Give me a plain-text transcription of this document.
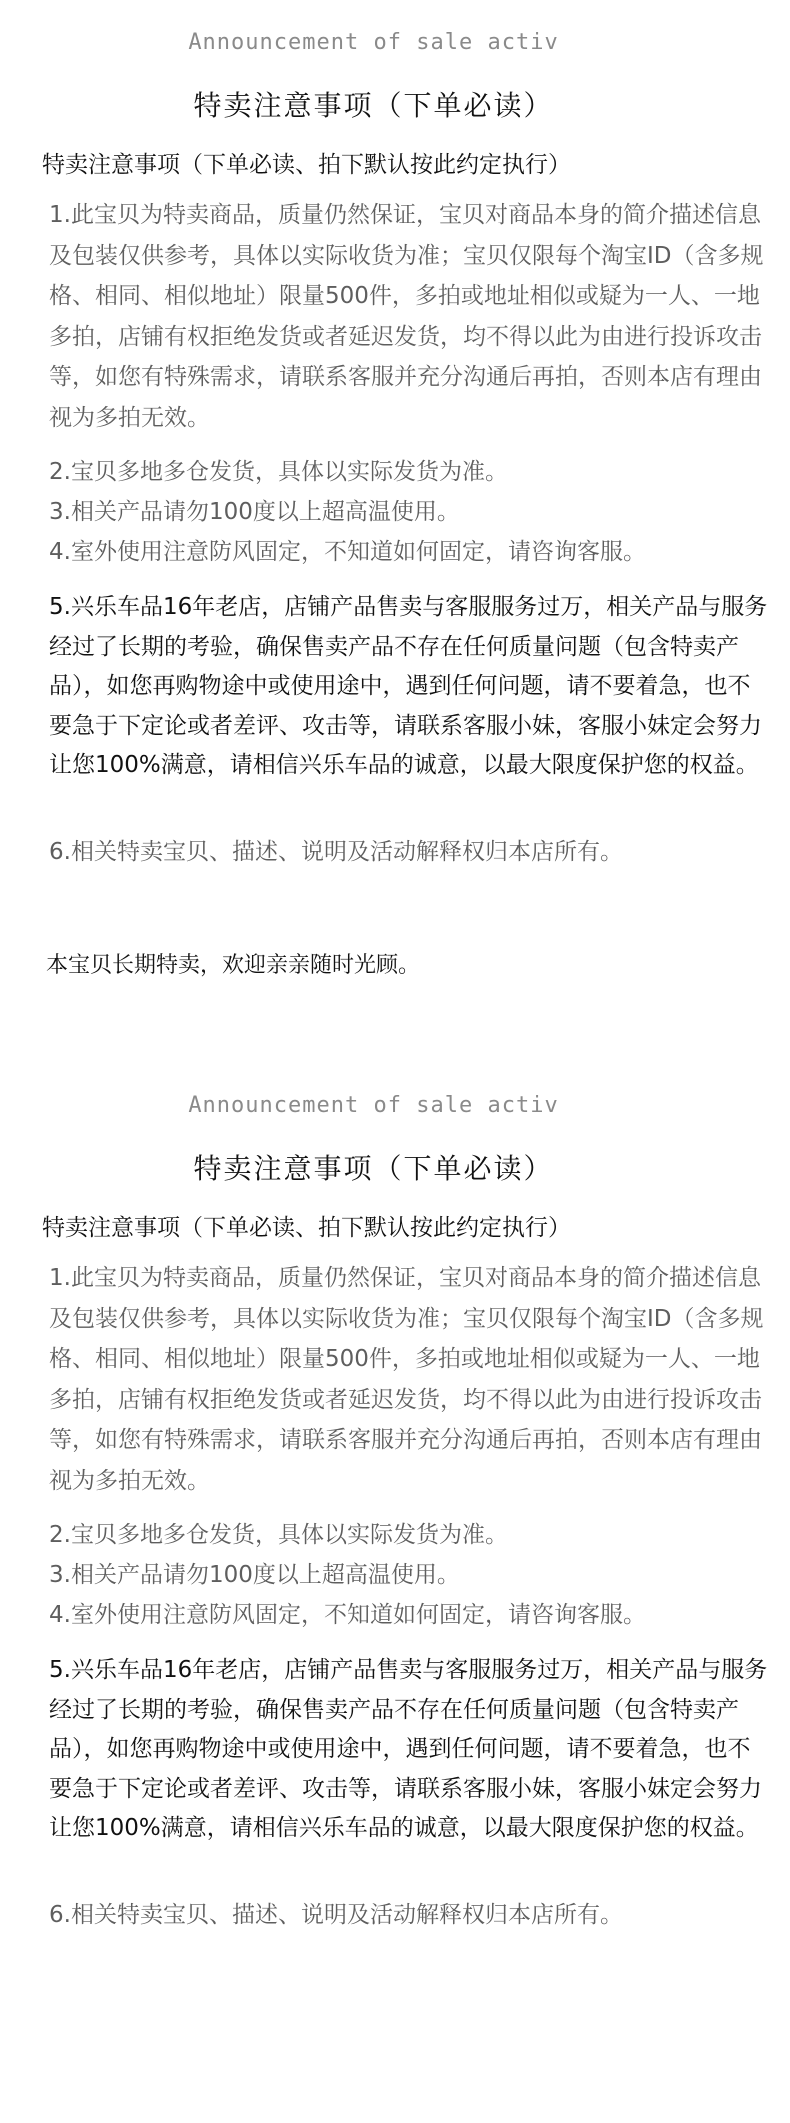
Announcement of sale activ
特卖注意事项（下单必读）
特卖注意事项（下单必读、拍下默认按此约定执行）

1.此宝贝为特卖商品，质量仍然保证，宝贝对商品本身的简介描述信息及包装仅供参考，具体以实际收货为准；宝贝仅限每个淘宝ID（含多规格、相同、相似地址）限量500件，多拍或地址相似或疑为一人、一地多拍，店铺有权拒绝发货或者延迟发货，均不得以此为由进行投诉攻击等，如您有特殊需求，请联系客服并充分沟通后再拍，否则本店有理由视为多拍无效。

2.宝贝多地多仓发货，具体以实际发货为准。

3.相关产品请勿100度以上超高温使用。

4.室外使用注意防风固定，不知道如何固定，请咨询客服。

5.兴乐车品16年老店，店铺产品售卖与客服服务过万，相关产品与服务经过了长期的考验，确保售卖产品不存在任何质量问题（包含特卖产品），如您再购物途中或使用途中，遇到任何问题，请不要着急，也不要急于下定论或者差评、攻击等，请联系客服小妹，客服小妹定会努力让您100%满意，请相信兴乐车品的诚意，以最大限度保护您的权益。

6.相关特卖宝贝、描述、说明及活动解释权归本店所有。

本宝贝长期特卖，欢迎亲亲随时光顾。
Announcement of sale activ
特卖注意事项（下单必读）
特卖注意事项（下单必读、拍下默认按此约定执行）

1.此宝贝为特卖商品，质量仍然保证，宝贝对商品本身的简介描述信息及包装仅供参考，具体以实际收货为准；宝贝仅限每个淘宝ID（含多规格、相同、相似地址）限量500件，多拍或地址相似或疑为一人、一地多拍，店铺有权拒绝发货或者延迟发货，均不得以此为由进行投诉攻击等，如您有特殊需求，请联系客服并充分沟通后再拍，否则本店有理由视为多拍无效。

2.宝贝多地多仓发货，具体以实际发货为准。

3.相关产品请勿100度以上超高温使用。

4.室外使用注意防风固定，不知道如何固定，请咨询客服。

5.兴乐车品16年老店，店铺产品售卖与客服服务过万，相关产品与服务经过了长期的考验，确保售卖产品不存在任何质量问题（包含特卖产品），如您再购物途中或使用途中，遇到任何问题，请不要着急，也不要急于下定论或者差评、攻击等，请联系客服小妹，客服小妹定会努力让您100%满意，请相信兴乐车品的诚意，以最大限度保护您的权益。

6.相关特卖宝贝、描述、说明及活动解释权归本店所有。
